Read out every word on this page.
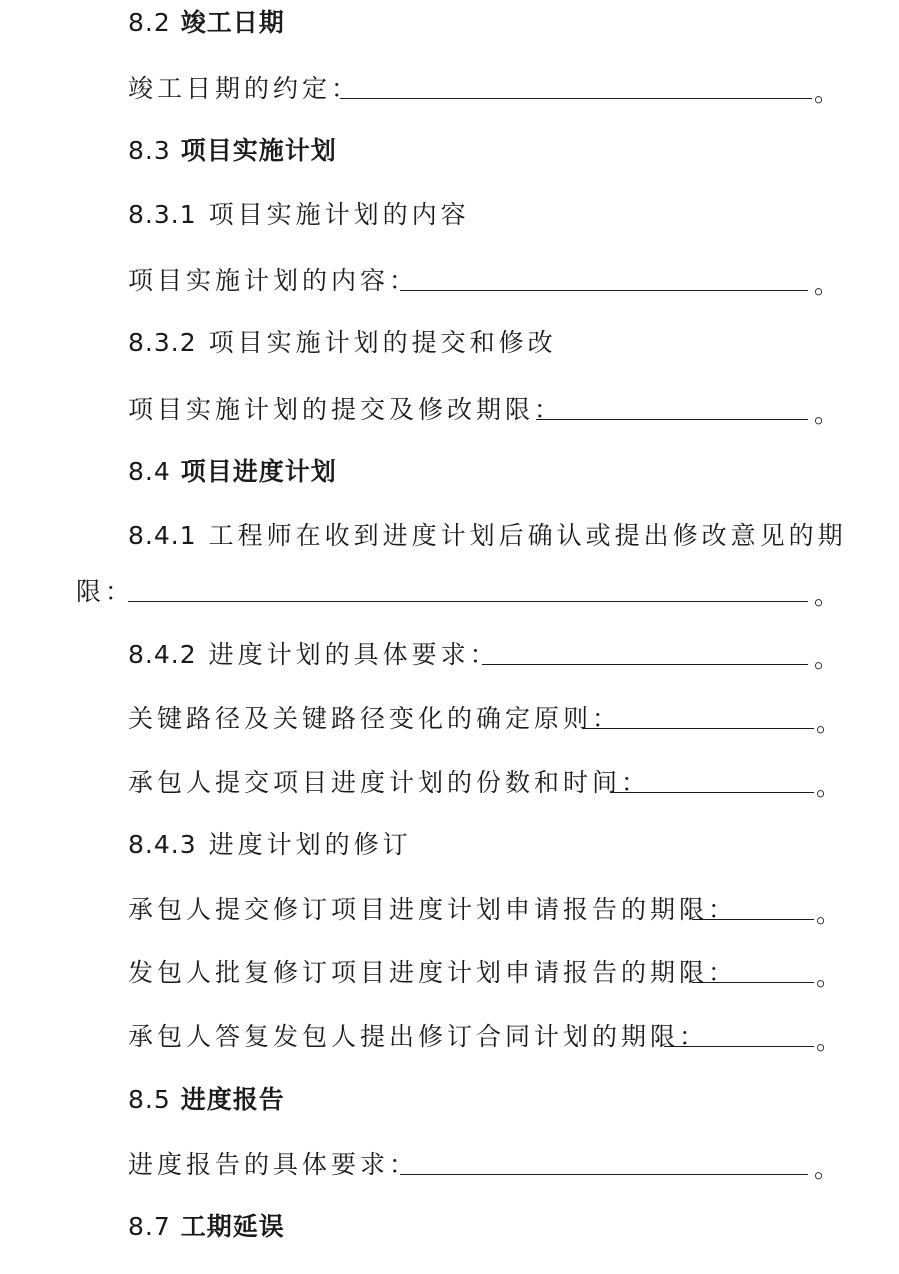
8.2 竣工日期
竣工日期的约定：	。
8.3 项目实施计划
8.3.1 项目实施计划的内容
项目实施计划的内容：	。
8.3.2 项目实施计划的提交和修改
项目实施计划的提交及修改期限：	。
8.4 项目进度计划
8.4.1 工程师在收到进度计划后确认或提出修改意见的期
限：	。
8.4.2 进度计划的具体要求：	。
关键路径及关键路径变化的确定原则：	。
承包人提交项目进度计划的份数和时间：	。
8.4.3 进度计划的修订
承包人提交修订项目进度计划申请报告的期限：	。
发包人批复修订项目进度计划申请报告的期限：	。
承包人答复发包人提出修订合同计划的期限：	。
8.5 进度报告
进度报告的具体要求：	。
8.7 工期延误
